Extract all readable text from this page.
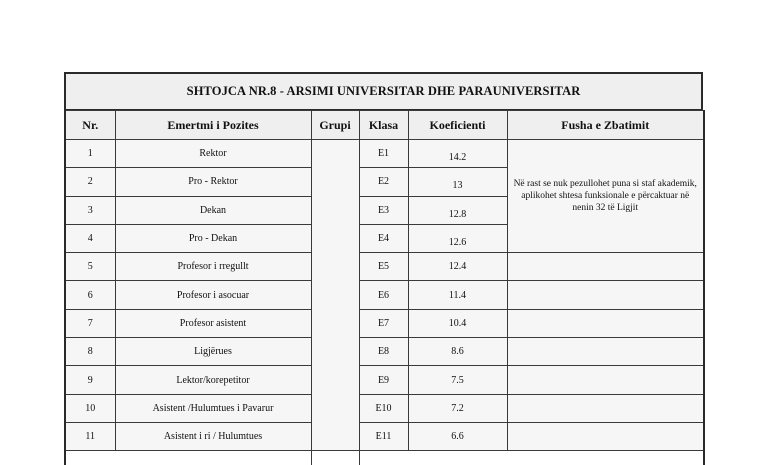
SHTOJCA NR.8 - ARSIMI UNIVERSITAR DHE PARAUNIVERSITAR
Nr.	Emertmi i Pozites	Grupi	Klasa	Koeficienti	Fusha e Zbatimit
1	Rektor		E1	14.2	Në rast se nuk pezullohet puna si staf akademik, aplikohet shtesa funksionale e përcaktuar në nenin 32 të Ligjit
2	Pro - Rektor		E2	13	
3	Dekan		E3	12.8	
4	Pro - Dekan		E4	12.6	
5	Profesor i rregullt		E5	12.4	
6	Profesor i asocuar		E6	11.4	
7	Profesor asistent		E7	10.4	
8	Ligjërues		E8	8.6	
9	Lektor/korepetitor		E9	7.5	
10	Asistent /Hulumtues i Pavarur		E10	7.2	
11	Asistent i ri / Hulumtues		E11	6.6	
